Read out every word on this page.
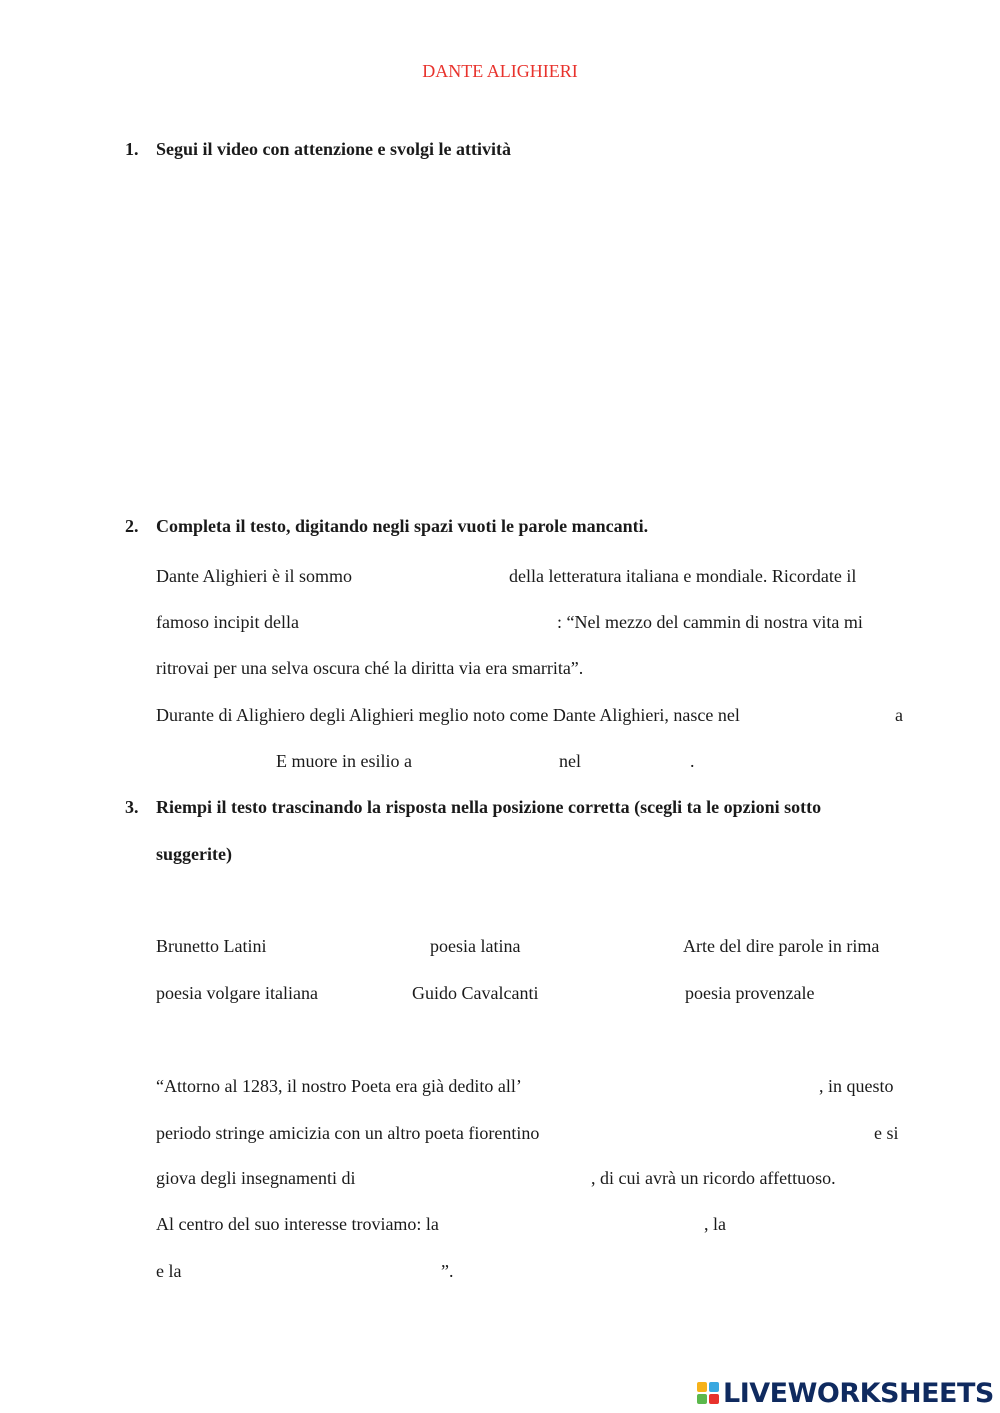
DANTE ALIGHIERI
1. Segui il video con attenzione e svolgi le attività
2. Completa il testo, digitando negli spazi vuoti le parole mancanti.
Dante Alighieri è il sommo	della letteratura italiana e mondiale. Ricordate il
famoso incipit della	: “Nel mezzo del cammin di nostra vita mi
ritrovai per una selva oscura ché la diritta via era smarrita”.
Durante di Alighiero degli Alighieri meglio noto come Dante Alighieri, nasce nel	a
E muore in esilio a	nel	.
3. Riempi il testo trascinando la risposta nella posizione corretta (scegli ta le opzioni sotto
suggerite)
Brunetto Latini	poesia latina	Arte del dire parole in rima
poesia volgare italiana	Guido Cavalcanti	poesia provenzale
“Attorno al 1283, il nostro Poeta era già dedito all’	, in questo
periodo stringe amicizia con un altro poeta fiorentino	e si
giova degli insegnamenti di	, di cui avrà un ricordo affettuoso.
Al centro del suo interesse troviamo: la	, la
e la	”.
LIVEWORKSHEETS
